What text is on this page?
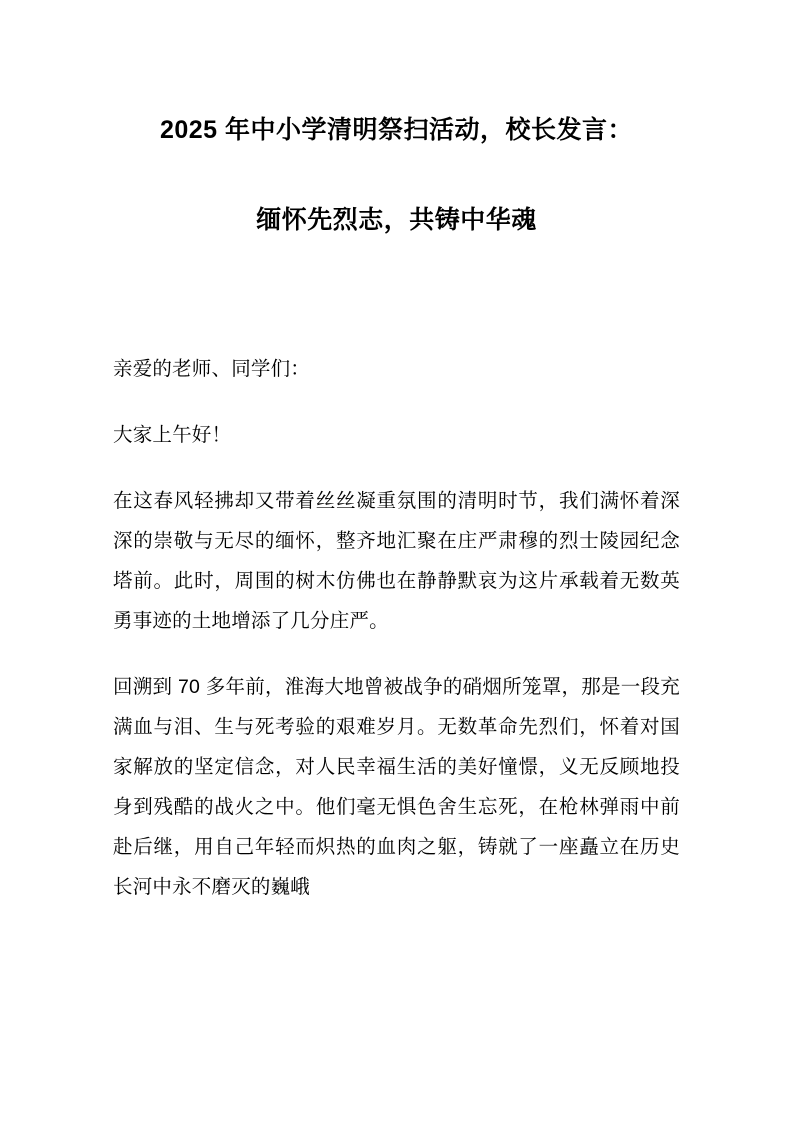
2025 年中小学清明祭扫活动，校长发言：
缅怀先烈志，共铸中华魂

亲爱的老师、同学们：

大家上午好！

在这春风轻拂却又带着丝丝凝重氛围的清明时节，我们满怀着深深的崇敬与无尽的缅怀，整齐地汇聚在庄严肃穆的烈士陵园纪念塔前。此时，周围的树木仿佛也在静静默哀为这片承载着无数英勇事迹的土地增添了几分庄严。

回溯到 70 多年前，淮海大地曾被战争的硝烟所笼罩，那是一段充满血与泪、生与死考验的艰难岁月。无数革命先烈们，怀着对国家解放的坚定信念，对人民幸福生活的美好憧憬，义无反顾地投身到残酷的战火之中。他们毫无惧色舍生忘死，在枪林弹雨中前赴后继，用自己年轻而炽热的血肉之躯，铸就了一座矗立在历史长河中永不磨灭的巍峨
